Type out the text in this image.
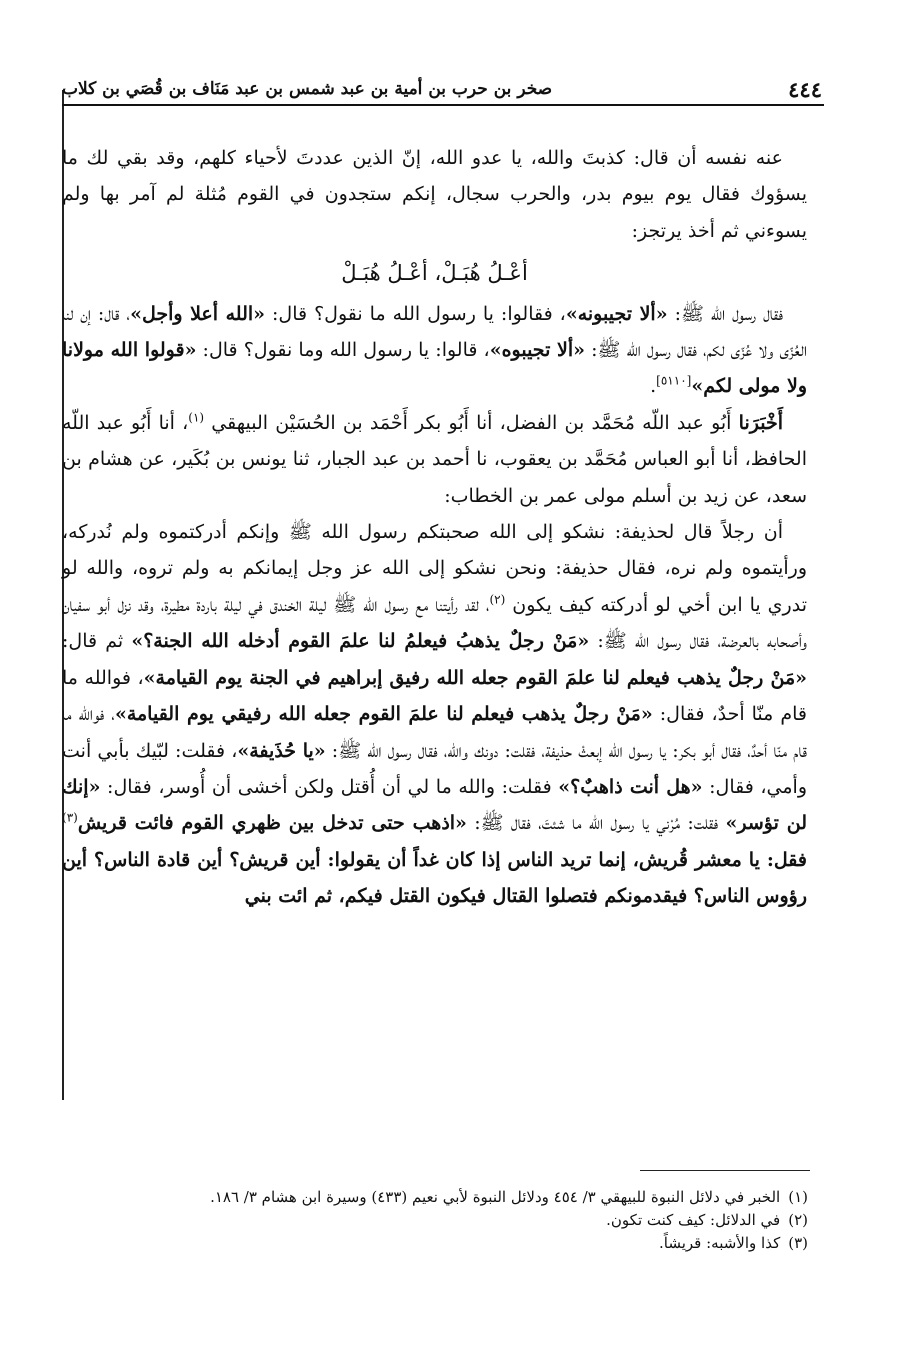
٤٤٤
صخر بن حرب بن أمية بن عبد شمس بن عبد مَنَاف بن قُصَي بن كلاب

عنه نفسه أن قال: كذبتَ والله، يا عدو الله، إنّ الذين عددتَ لأحياء كلهم، وقد بقي لك ما يسؤوك فقال يوم بيوم بدر، والحرب سجال، إنكم ستجدون في القوم مُثلة لم آمر بها ولم يسوءني ثم أخذ يرتجز:

أعْـلُ هُبَـلْ، أعْـلُ هُبَـلْ

فقال رسول الله ﷺ: «ألا تجيبونه»، فقالوا: يا رسول الله ما نقول؟ قال: «الله أعلا وأجل»، قال: إن لنا العُزّى ولا عُزّى لكم، فقال رسول الله ﷺ: «ألا تجيبوه»، قالوا: يا رسول الله وما نقول؟ قال: «قولوا الله مولانا ولا مولى لكم»[٥١١٠].

أَخْبَرَنا أَبُو عبد اللّه مُحَمَّد بن الفضل، أنا أَبُو بكر أَحْمَد بن الحُسَيْن البيهقي $^{(١)}$، أنا أَبُو عبد اللّه الحافظ، أنا أبو العباس مُحَمَّد بن يعقوب، نا أحمد بن عبد الجبار، ثنا يونس بن بُكَير، عن هشام بن سعد، عن زيد بن أسلم مولى عمر بن الخطاب:

أن رجلاً قال لحذيفة: نشكو إلى الله صحبتكم رسول الله ﷺ وإنكم أدركتموه ولم نُدركه، ورأيتموه ولم نره، فقال حذيفة: ونحن نشكو إلى الله عز وجل إيمانكم به ولم تروه، والله لو تدري يا ابن أخي لو أدركته كيف يكون $^{(٢)}$، لقد رأيتنا مع رسول الله ﷺ ليلة الخندق في ليلة باردة مطيرة، وقد نزل أبو سفيان وأصحابه بالعرضة، فقال رسول الله ﷺ: «مَنْ رجلٌ يذهبُ فيعلمُ لنا علمَ القوم أدخله الله الجنة؟» ثم قال: «مَنْ رجلٌ يذهب فيعلم لنا علمَ القوم جعله الله رفيق إبراهيم في الجنة يوم القيامة»، فوالله ما قام منّا أحدٌ، فقال: «مَنْ رجلٌ يذهب فيعلم لنا علمَ القوم جعله الله رفيقي يوم القيامة»، فوالله ما قام منّا أحدٌ، فقال أبو بكر: يا رسول الله إبعثْ حذيفة، فقلت: دونك والله، فقال رسول الله ﷺ: «يا حُذَيفة»، فقلت: لبّيك بأبي أنت وأمي، فقال: «هل أنت ذاهبٌ؟» فقلت: والله ما لي أن أُقتل ولكن أخشى أن أُوسر، فقال: «إنك لن تؤسر» فقلت: مُرْني يا رسول الله ما شئتَ، فقال ﷺ: «اذهب حتى تدخل بين ظهري القوم فائت قريش$^{(٣)}$ فقل: يا معشر قُريش، إنما تريد الناس إذا كان غداً أن يقولوا: أين قريش؟ أين قادة الناس؟ أين رؤوس الناس؟ فيقدمونكم فتصلوا القتال فيكون القتل فيكم، ثم ائت بني

(١)الخبر في دلائل النبوة للبيهقي ٣/ ٤٥٤ ودلائل النبوة لأبي نعيم (٤٣٣) وسيرة ابن هشام ٣/ ١٨٦.
(٢)في الدلائل: كيف كنت تكون.
(٣)كذا والأشبه: قريشاً.
